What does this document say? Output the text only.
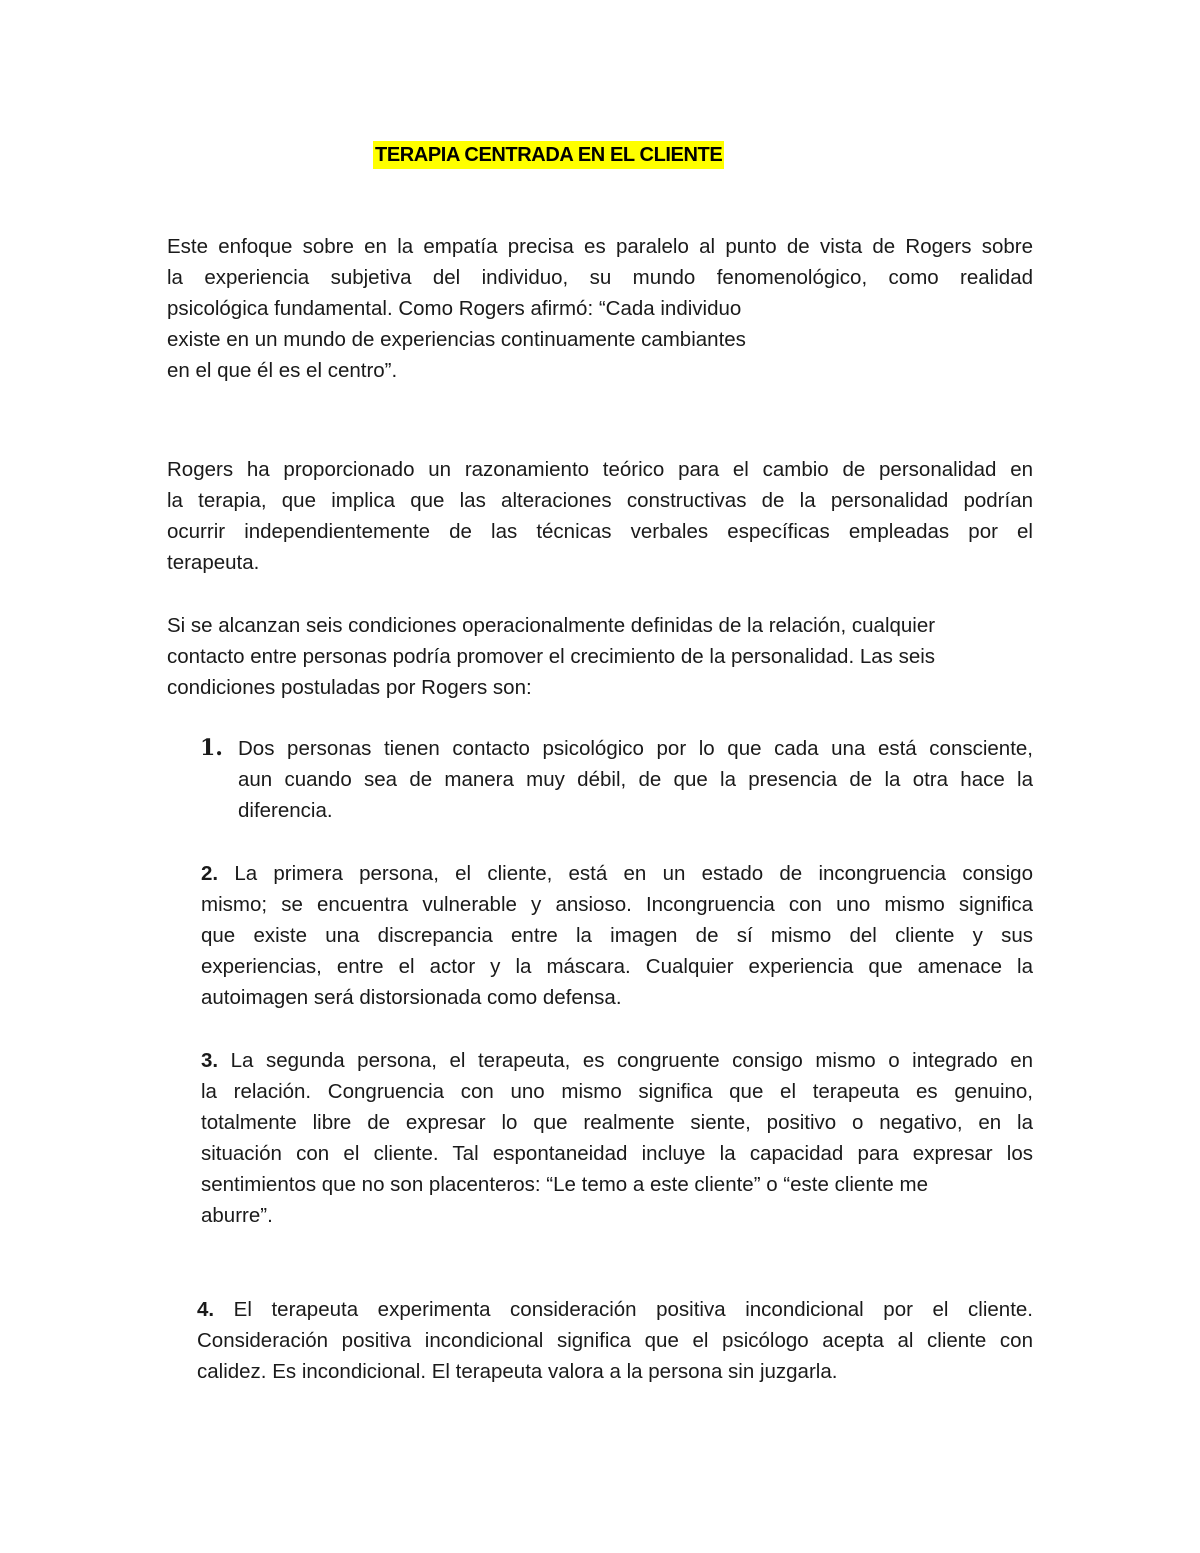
TERAPIA CENTRADA EN EL CLIENTE
Este enfoque sobre en la empatía precisa es paralelo al punto de vista de Rogers sobre
la experiencia subjetiva del individuo, su mundo fenomenológico, como realidad
psicológica fundamental. Como Rogers afirmó: “Cada individuo
existe en un mundo de experiencias continuamente cambiantes
en el que él es el centro”.
Rogers ha proporcionado un razonamiento teórico para el cambio de personalidad en
la terapia, que implica que las alteraciones constructivas de la personalidad podrían
ocurrir independientemente de las técnicas verbales específicas empleadas por el
terapeuta.
Si se alcanzan seis condiciones operacionalmente definidas de la relación, cualquier
contacto entre personas podría promover el crecimiento de la personalidad. Las seis
condiciones postuladas por Rogers son:
1. Dos personas tienen contacto psicológico por lo que cada una está consciente,
aun cuando sea de manera muy débil, de que la presencia de la otra hace la
diferencia.
2. La primera persona, el cliente, está en un estado de incongruencia consigo
mismo; se encuentra vulnerable y ansioso. Incongruencia con uno mismo significa
que existe una discrepancia entre la imagen de sí mismo del cliente y sus
experiencias, entre el actor y la máscara. Cualquier experiencia que amenace la
autoimagen será distorsionada como defensa.
3. La segunda persona, el terapeuta, es congruente consigo mismo o integrado en
la relación. Congruencia con uno mismo significa que el terapeuta es genuino,
totalmente libre de expresar lo que realmente siente, positivo o negativo, en la
situación con el cliente. Tal espontaneidad incluye la capacidad para expresar los
sentimientos que no son placenteros: “Le temo a este cliente” o “este cliente me
aburre”.
4. El terapeuta experimenta consideración positiva incondicional por el cliente.
Consideración positiva incondicional significa que el psicólogo acepta al cliente con
calidez. Es incondicional. El terapeuta valora a la persona sin juzgarla.
